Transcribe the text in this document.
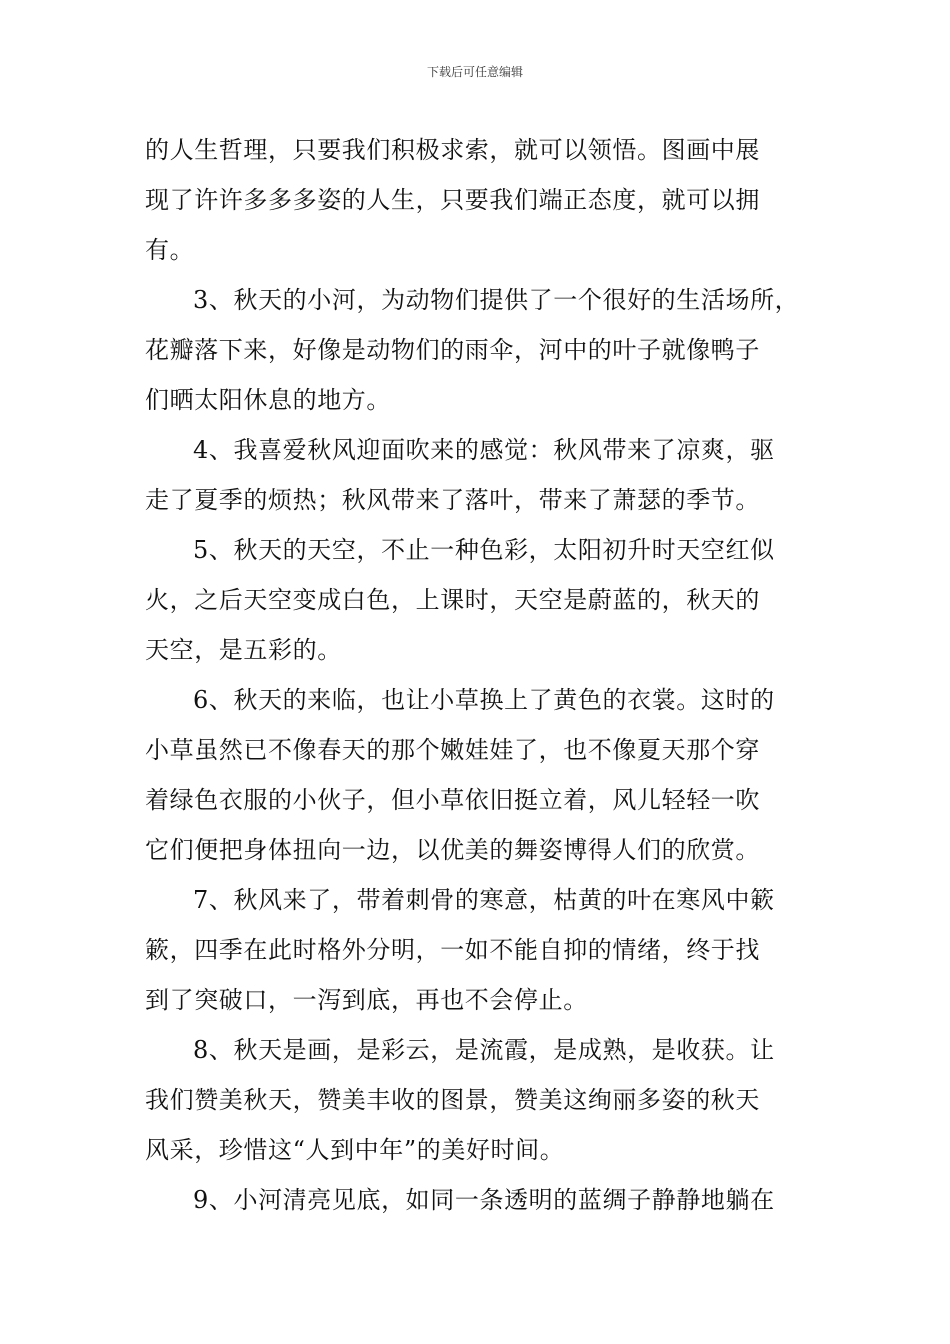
下载后可任意编辑
的人生哲理，只要我们积极求索，就可以领悟。图画中展
现了许许多多多姿的人生，只要我们端正态度，就可以拥
有。
3、秋天的小河，为动物们提供了一个很好的生活场所，
花瓣落下来，好像是动物们的雨伞，河中的叶子就像鸭子
们晒太阳休息的地方。
4、我喜爱秋风迎面吹来的感觉：秋风带来了凉爽，驱
走了夏季的烦热；秋风带来了落叶，带来了萧瑟的季节。
5、秋天的天空，不止一种色彩，太阳初升时天空红似
火，之后天空变成白色，上课时，天空是蔚蓝的，秋天的
天空，是五彩的。
6、秋天的来临，也让小草换上了黄色的衣裳。这时的
小草虽然已不像春天的那个嫩娃娃了，也不像夏天那个穿
着绿色衣服的小伙子，但小草依旧挺立着，风儿轻轻一吹
它们便把身体扭向一边，以优美的舞姿博得人们的欣赏。
7、秋风来了，带着刺骨的寒意，枯黄的叶在寒风中簌
簌，四季在此时格外分明，一如不能自抑的情绪，终于找
到了突破口，一泻到底，再也不会停止。
8、秋天是画，是彩云，是流霞，是成熟，是收获。让
我们赞美秋天，赞美丰收的图景，赞美这绚丽多姿的秋天
风采，珍惜这“人到中年”的美好时间。
9、小河清亮见底，如同一条透明的蓝绸子静静地躺在
